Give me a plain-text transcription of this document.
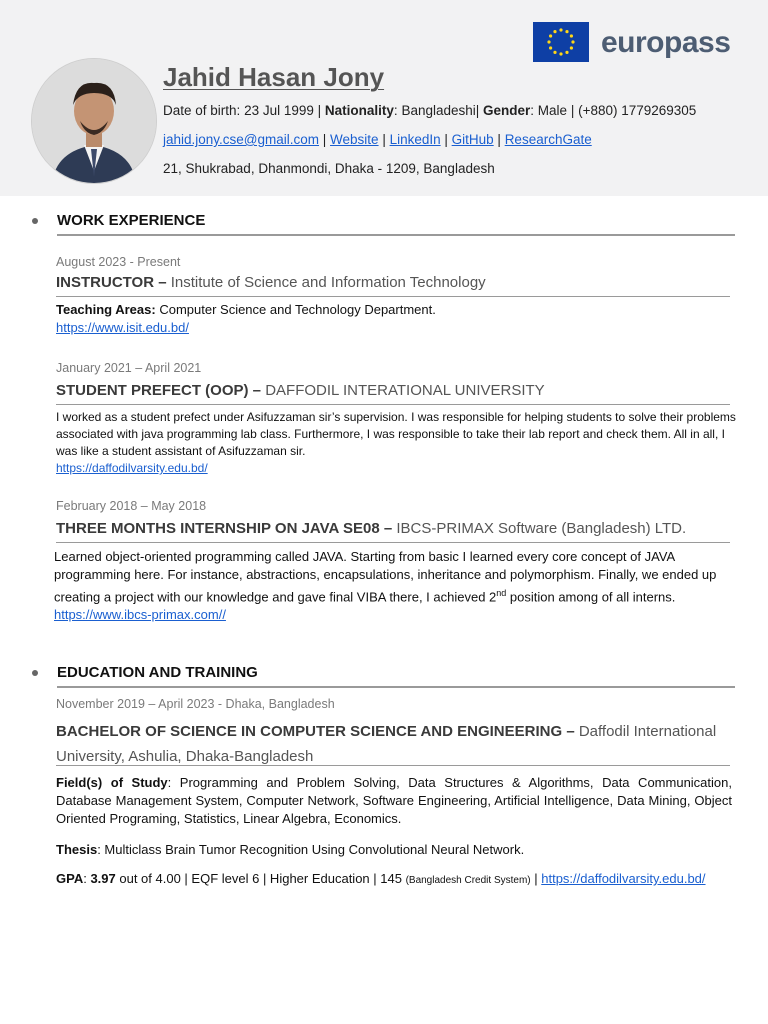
Jahid Hasan Jony
Date of birth: 23 Jul 1999 | Nationality: Bangladeshi| Gender: Male | (+880) 1779269305
jahid.jony.cse@gmail.com | Website | LinkedIn | GitHub | ResearchGate
21, Shukrabad, Dhanmondi, Dhaka - 1209, Bangladesh
europass
WORK EXPERIENCE
August 2023 - Present
INSTRUCTOR – Institute of Science and Information Technology
Teaching Areas: Computer Science and Technology Department.
https://www.isit.edu.bd/
January 2021 – April 2021
STUDENT PREFECT (OOP) – DAFFODIL INTERATIONAL UNIVERSITY
I worked as a student prefect under Asifuzzaman sir’s supervision. I was responsible for helping students to solve their problems associated with java programming lab class. Furthermore, I was responsible to take their lab report and check them. All in all, I was like a student assistant of Asifuzzaman sir.
https://daffodilvarsity.edu.bd/
February 2018 – May 2018
THREE MONTHS INTERNSHIP ON JAVA SE08 – IBCS-PRIMAX Software (Bangladesh) LTD.
Learned object-oriented programming called JAVA. Starting from basic I learned every core concept of JAVA programming here. For instance, abstractions, encapsulations, inheritance and polymorphism. Finally, we ended up creating a project with our knowledge and gave final VIBA there, I achieved 2nd position among of all interns.
https://www.ibcs-primax.com//
EDUCATION AND TRAINING
November 2019 – April 2023 - Dhaka, Bangladesh
BACHELOR OF SCIENCE IN COMPUTER SCIENCE AND ENGINEERING – Daffodil International
University, Ashulia, Dhaka-Bangladesh
Field(s) of Study: Programming and Problem Solving, Data Structures & Algorithms, Data Communication, Database Management System, Computer Network, Software Engineering, Artificial Intelligence, Data Mining, Object Oriented Programing, Statistics, Linear Algebra, Economics.
Thesis: Multiclass Brain Tumor Recognition Using Convolutional Neural Network.
GPA: 3.97 out of 4.00 | EQF level 6 | Higher Education | 145 (Bangladesh Credit System) | https://daffodilvarsity.edu.bd/
